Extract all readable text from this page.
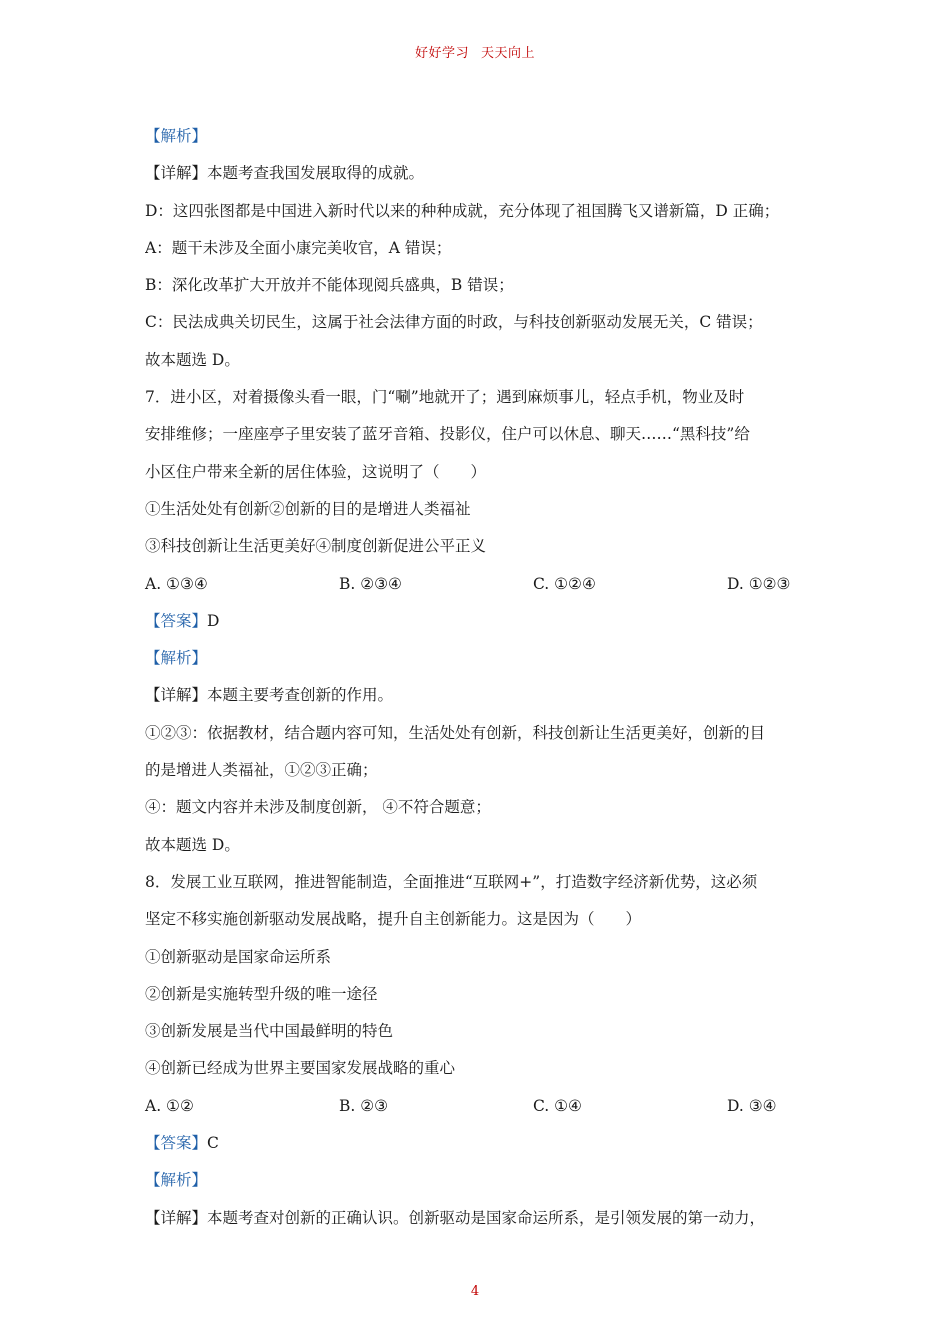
好好学习 天天向上
【解析】
【详解】本题考查我国发展取得的成就。
D：这四张图都是中国进入新时代以来的种种成就，充分体现了祖国腾飞又谱新篇，D 正确；
A：题干未涉及全面小康完美收官，A 错误；
B：深化改革扩大开放并不能体现阅兵盛典，B 错误；
C：民法成典关切民生，这属于社会法律方面的时政，与科技创新驱动发展无关，C 错误；
故本题选 D。
7．进小区，对着摄像头看一眼，门“唰”地就开了；遇到麻烦事儿，轻点手机，物业及时
安排维修；一座座亭子里安装了蓝牙音箱、投影仪，住户可以休息、聊天……“黑科技”给
小区住户带来全新的居住体验，这说明了（　　）
①生活处处有创新②创新的目的是增进人类福祉
③科技创新让生活更美好④制度创新促进公平正义
A. ①③④	B. ②③④	C. ①②④	D. ①②③
【答案】D
【解析】
【详解】本题主要考查创新的作用。
①②③：依据教材，结合题内容可知，生活处处有创新，科技创新让生活更美好，创新的目
的是增进人类福祉，①②③正确；
④：题文内容并未涉及制度创新， ④不符合题意；
故本题选 D。
8．发展工业互联网，推进智能制造，全面推进“互联网+”，打造数字经济新优势，这必须
坚定不移实施创新驱动发展战略，提升自主创新能力。这是因为（　　）
①创新驱动是国家命运所系
②创新是实施转型升级的唯一途径
③创新发展是当代中国最鲜明的特色
④创新已经成为世界主要国家发展战略的重心
A. ①②	B. ②③	C. ①④	D. ③④
【答案】C
【解析】
【详解】本题考查对创新的正确认识。创新驱动是国家命运所系，是引领发展的第一动力，
4
